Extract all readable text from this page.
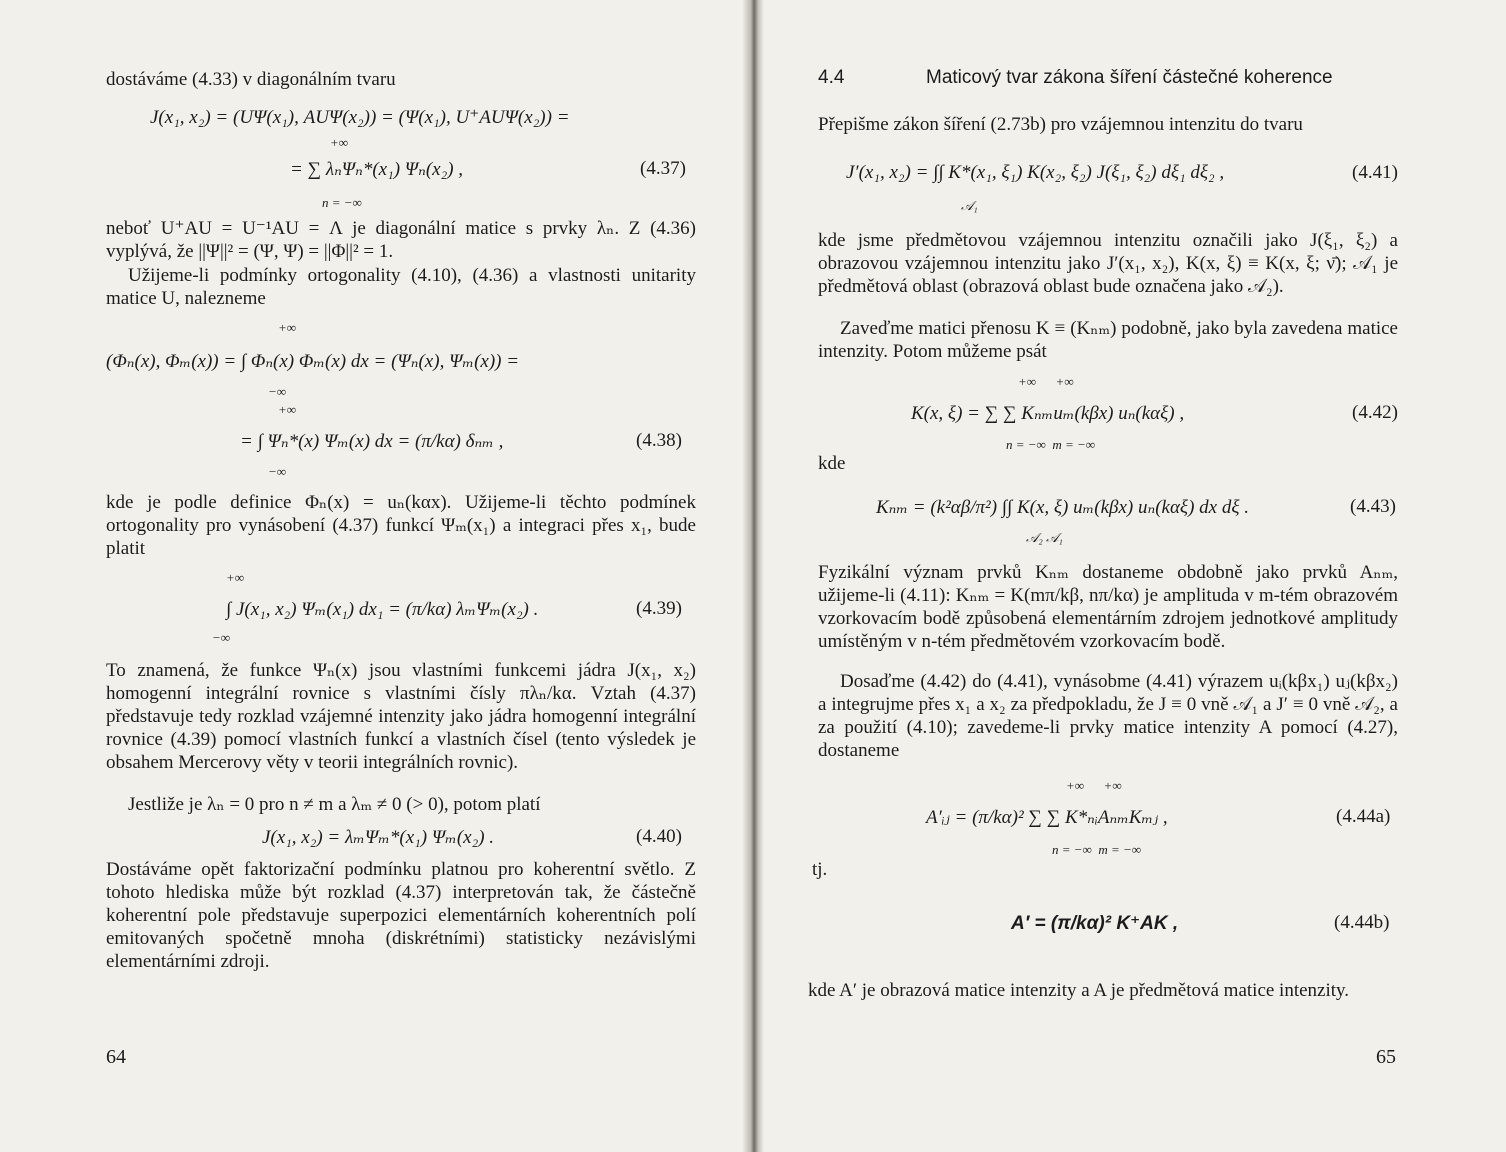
dostáváme (4.33) v diagonálním tvaru
J(x₁, x₂) = (UΨ(x₁), AUΨ(x₂)) = (Ψ(x₁), U⁺AUΨ(x₂)) =
+∞
= ∑ λₙΨₙ*(x₁) Ψₙ(x₂) ,
n = −∞
(4.37)
neboť U⁺AU = U⁻¹AU = Λ je diagonální matice s prvky λₙ. Z (4.36) vyplývá, že ||Ψ||² = (Ψ, Ψ) = ||Φ||² = 1.
Užijeme-li podmínky ortogonality (4.10), (4.36) a vlastnosti unitarity matice U, nalezneme
+∞
(Φₙ(x), Φₘ(x)) = ∫ Φₙ(x) Φₘ(x) dx = (Ψₙ(x), Ψₘ(x)) =
−∞
+∞
= ∫ Ψₙ*(x) Ψₘ(x) dx = (π/kα) δₙₘ ,
−∞
(4.38)
kde je podle definice Φₙ(x) = uₙ(kαx). Užijeme-li těchto podmínek ortogonality pro vynásobení (4.37) funkcí Ψₘ(x₁) a integraci přes x₁, bude platit
+∞
∫ J(x₁, x₂) Ψₘ(x₁) dx₁ = (π/kα) λₘΨₘ(x₂) .
−∞
(4.39)
To znamená, že funkce Ψₙ(x) jsou vlastními funkcemi jádra J(x₁, x₂) homogenní integrální rovnice s vlastními čísly πλₙ/kα. Vztah (4.37) představuje tedy rozklad vzájemné intenzity jako jádra homogenní integrální rovnice (4.39) pomocí vlastních funkcí a vlastních čísel (tento výsledek je obsahem Mercerovy věty v teorii integrálních rovnic).
Jestliže je λₙ = 0 pro n ≠ m a λₘ ≠ 0 (> 0), potom platí
J(x₁, x₂) = λₘΨₘ*(x₁) Ψₘ(x₂) .	(4.40)
Dostáváme opět faktorizační podmínku platnou pro koherentní světlo. Z tohoto hlediska může být rozklad (4.37) interpretován tak, že částečně koherentní pole představuje superpozici elementárních koherentních polí emitovaných spočetně mnoha (diskrétními) statisticky nezávislými elementárními zdroji.
64
4.4	Maticový tvar zákona šíření částečné koherence
Přepišme zákon šíření (2.73b) pro vzájemnou intenzitu do tvaru
J′(x₁, x₂) = ∫∫ K*(x₁, ξ₁) K(x₂, ξ₂) J(ξ₁, ξ₂) dξ₁ dξ₂ ,
𝒜₁
(4.41)
kde jsme předmětovou vzájemnou intenzitu označili jako J(ξ₁, ξ₂) a obrazovou vzájemnou intenzitu jako J′(x₁, x₂), K(x, ξ) ≡ K(x, ξ; ν̄); 𝒜₁ je předmětová oblast (obrazová oblast bude označena jako 𝒜₂).
Zaveďme matici přenosu K ≡ (Kₙₘ) podobně, jako byla zavedena matice intenzity. Potom můžeme psát
+∞      +∞
K(x, ξ) = ∑ ∑ Kₙₘuₘ(kβx) uₙ(kαξ) ,
n = −∞  m = −∞
(4.42)
kde
Kₙₘ = (k²αβ/π²) ∫∫ K(x, ξ) uₘ(kβx) uₙ(kαξ) dx dξ .
𝒜₂ 𝒜₁
(4.43)
Fyzikální význam prvků Kₙₘ dostaneme obdobně jako prvků Aₙₘ, užijeme-li (4.11): Kₙₘ = K(mπ/kβ, nπ/kα) je amplituda v m-tém obrazovém vzorkovacím bodě způsobená elementárním zdrojem jednotkové amplitudy umístěným v n-tém předmětovém vzorkovacím bodě.
Dosaďme (4.42) do (4.41), vynásobme (4.41) výrazem uᵢ(kβx₁) uⱼ(kβx₂) a integrujme přes x₁ a x₂ za předpokladu, že J ≡ 0 vně 𝒜₁ a J′ ≡ 0 vně 𝒜₂, a za použití (4.10); zavedeme-li prvky matice intenzity A pomocí (4.27), dostaneme
+∞      +∞
A′ᵢⱼ = (π/kα)² ∑ ∑ K*ₙᵢAₙₘKₘⱼ ,
n = −∞  m = −∞
(4.44a)
tj.
A′ = (π/kα)² K⁺AK ,	(4.44b)
kde A′ je obrazová matice intenzity a A je předmětová matice intenzity.
65
